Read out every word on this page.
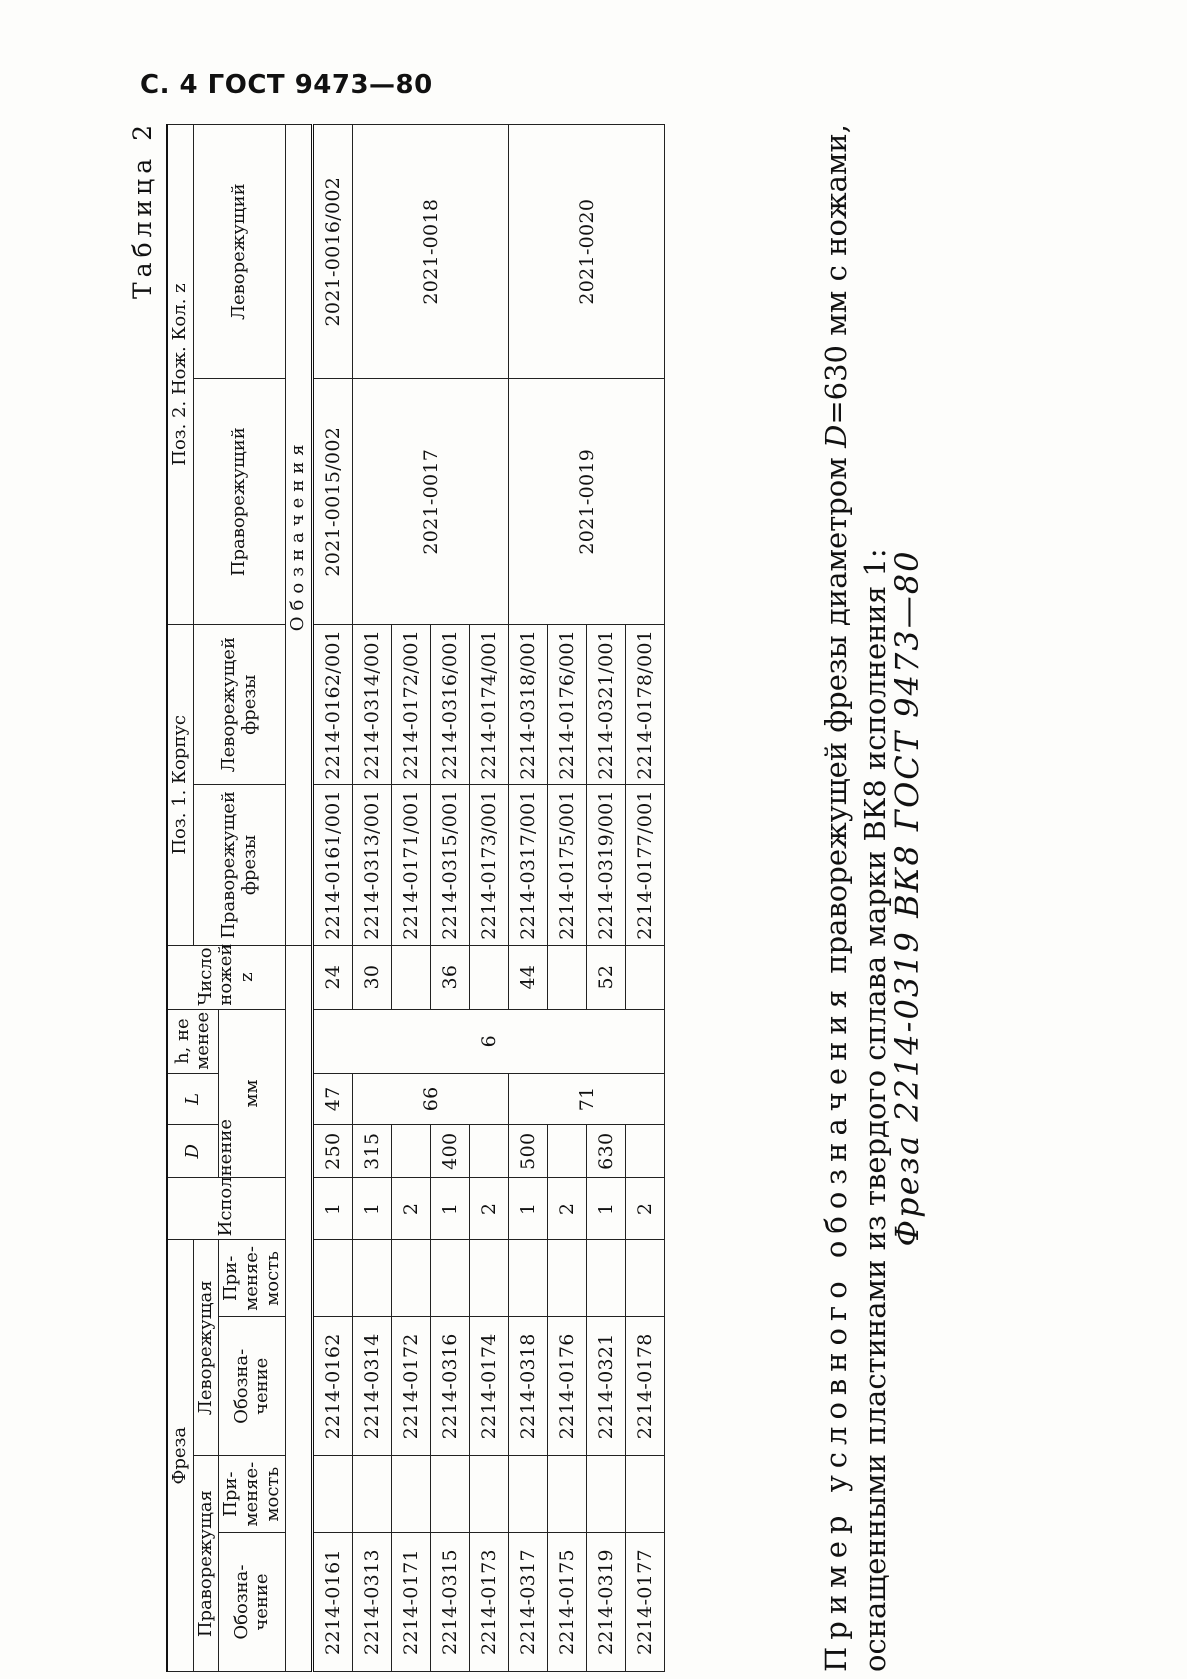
С. 4 ГОСТ 9473—80
Таблица 2
Фреза				Исполнение	D	L	h, не менее	Число ножей z	Поз. 1. Корпус		Поз. 2. Нож. Кол. z	
Праворежущая		Леворежущая							Праворежущей фрезы	Леворежущей фрезы	Праворежущий	Леворежущий
Обозна-чение	При-меняе-мость	Обозна-чение	При-меняе-мость		мм							
									Обозначения			
2214-0161		2214-0162		1	250	47	6	24	2214-0161/001	2214-0162/001	2021-0015/002	2021-0016/002
2214-0313		2214-0314		1	315	66		30	2214-0313/001	2214-0314/001	2021-0017	2021-0018
2214-0171		2214-0172		2					2214-0171/001	2214-0172/001		
2214-0315		2214-0316		1	400			36	2214-0315/001	2214-0316/001		
2214-0173		2214-0174		2					2214-0173/001	2214-0174/001		
2214-0317		2214-0318		1	500	71		44	2214-0317/001	2214-0318/001	2021-0019	2021-0020
2214-0175		2214-0176		2					2214-0175/001	2214-0176/001		
2214-0319		2214-0321		1	630			52	2214-0319/001	2214-0321/001		
2214-0177		2214-0178		2					2214-0177/001	2214-0178/001		

Пример условного обозначения праворежущей фрезы диаметром D=630 мм с ножами, оснащенными пластинами из твердого сплава марки ВК8 исполнения 1:

Фреза 2214-0319 ВК8 ГОСТ 9473—80
